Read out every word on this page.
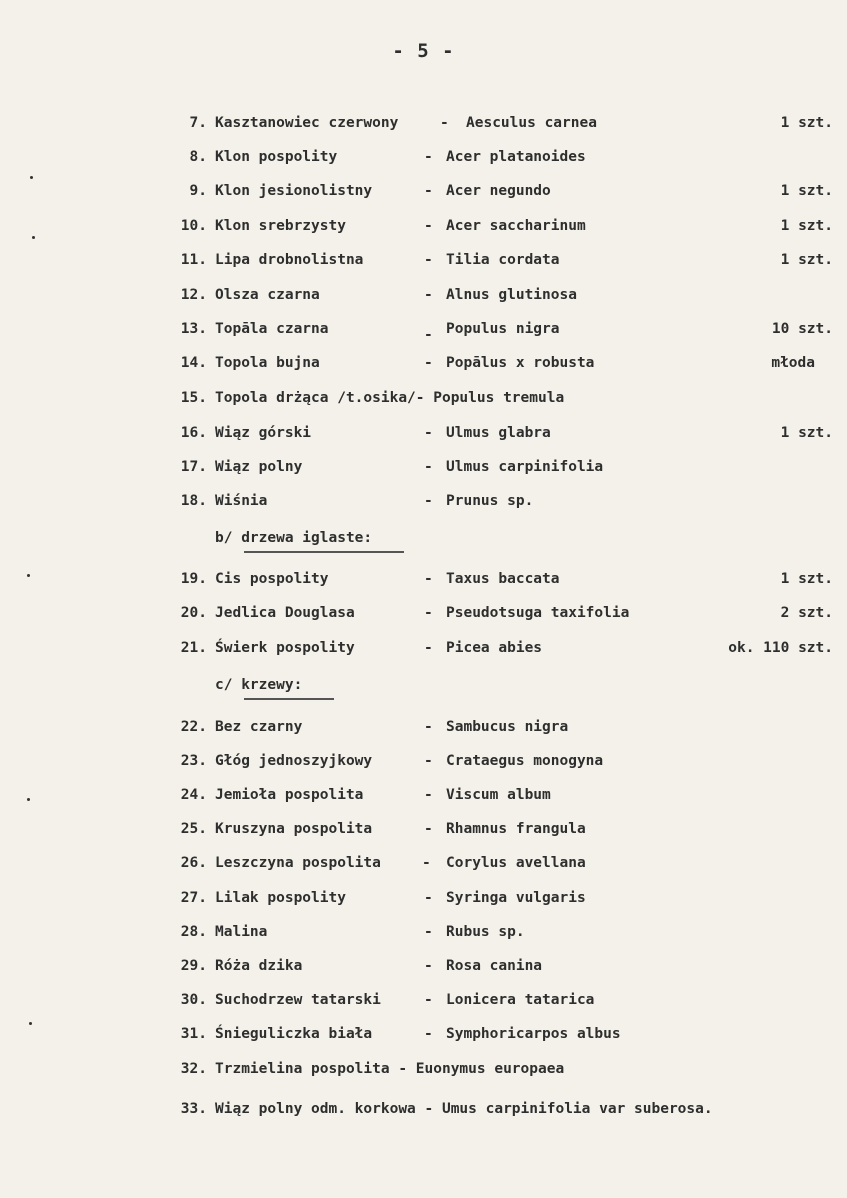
- 5 -
7. Kasztanowiec czerwony	- Aesculus carnea	1 szt.
8. Klon pospolity	- Acer platanoides
9. Klon jesionolistny	- Acer negundo	1 szt.
10. Klon srebrzysty	- Acer saccharinum	1 szt.
11. Lipa drobnolistna	- Tilia cordata	1 szt.
12. Olsza czarna	- Alnus glutinosa
13. Topāla czarna	- Populus nigra	10 szt.
14. Topola bujna	- Popālus x robusta	młoda
15. Topola drżąca /t.osika/- Populus tremula
16. Wiąz górski	- Ulmus glabra	1 szt.
17. Wiąz polny	- Ulmus carpinifolia
18. Wiśnia	- Prunus sp.
b/ drzewa iglaste:
19. Cis pospolity	- Taxus baccata	1 szt.
20. Jedlica Douglasa	- Pseudotsuga taxifolia	2 szt.
21. Świerk pospolity	- Picea abies	ok. 110 szt.
c/ krzewy:
22. Bez czarny	- Sambucus nigra
23. Głóg jednoszyjkowy	- Crataegus monogyna
24. Jemioła pospolita	- Viscum album
25. Kruszyna pospolita	- Rhamnus frangula
26. Leszczyna pospolita	- Corylus avellana
27. Lilak pospolity	- Syringa vulgaris
28. Malina	- Rubus sp.
29. Róża dzika	- Rosa canina
30. Suchodrzew tatarski	- Lonicera tatarica
31. Śnieguliczka biała	- Symphoricarpos albus
32. Trzmielina pospolita - Euonymus europaea
33. Wiąz polny odm. korkowa - Umus carpinifolia var suberosa.
